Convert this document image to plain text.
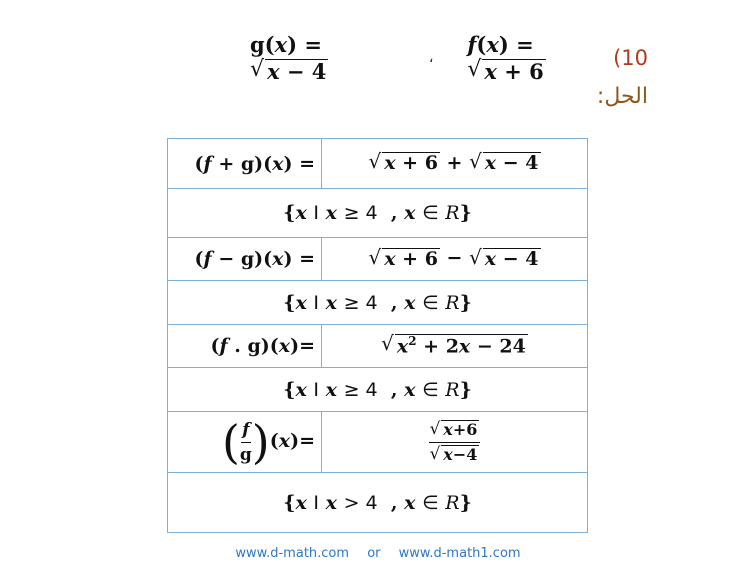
g(x) =
√ x − 4
،
f(x) =
√ x + 6
(10
الحل:
(f + g)(x) =	√ x + 6 + √ x − 4

{x I x ≥ 4  , x ∈ R}	
(f − g)(x) =	√ x + 6 − √ x − 4

{x I x ≥ 4  , x ∈ R}	
(f . g)(x)=	√ $x^2 + 2x - 24$

{x I x ≥ 4  , x ∈ R}	
( $\frac{f}{g} )(x)=$	$\frac{√ x+6}{√ x-4}$

{x I x > 4  , x ∈ R}	
www.d-math.com or www.d-math1.com
